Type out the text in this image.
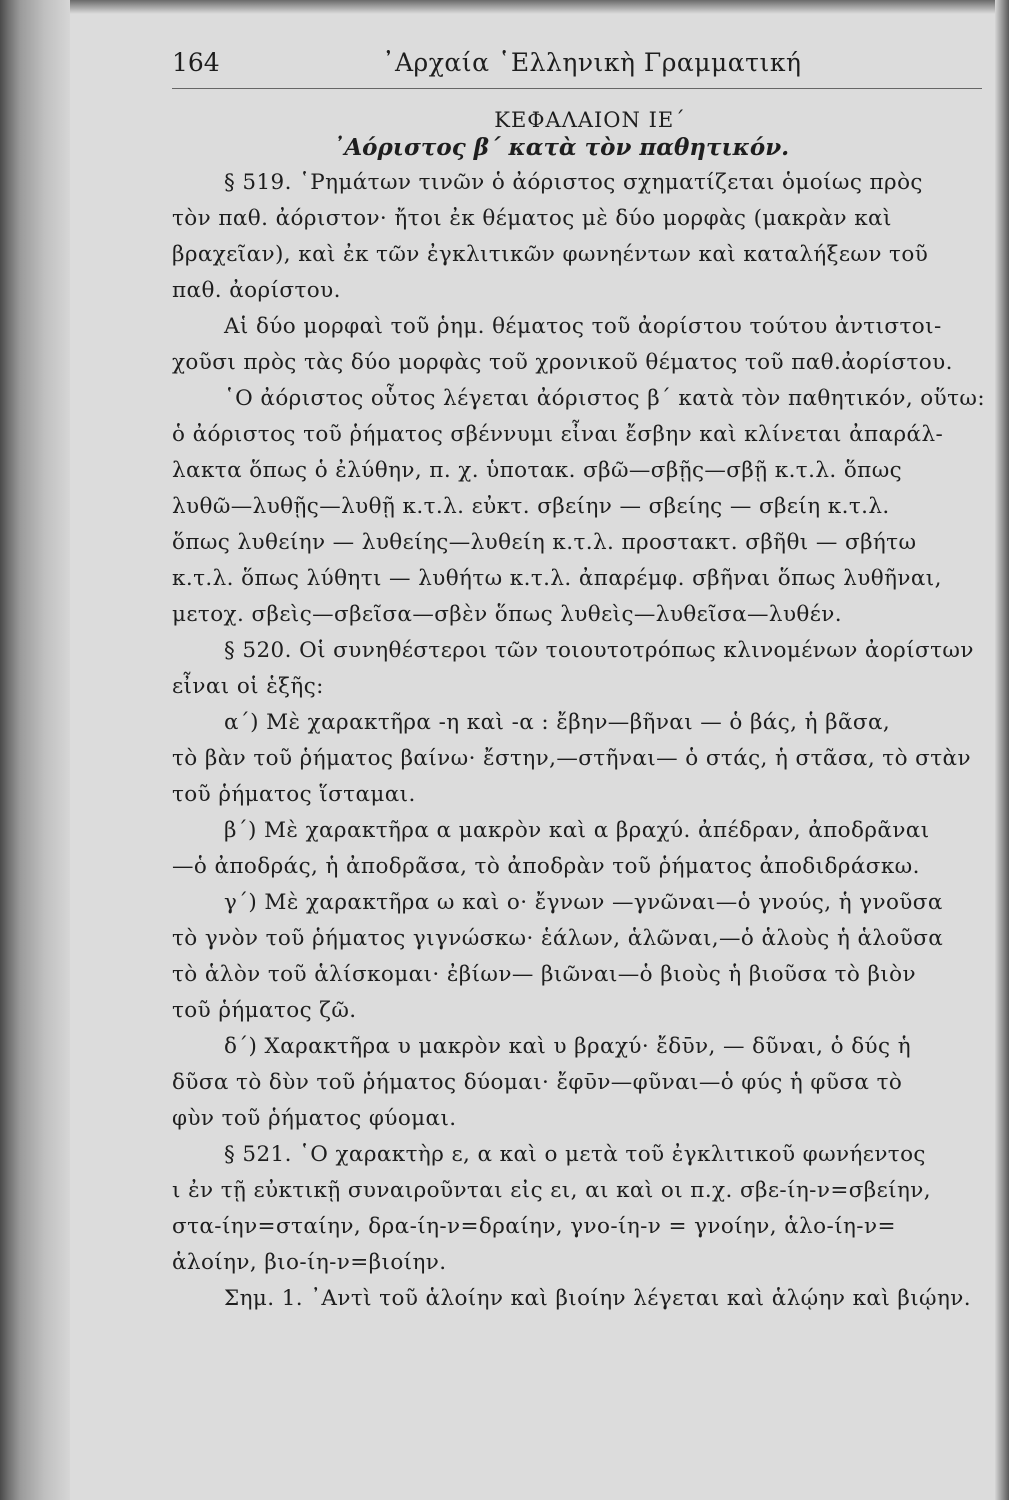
164	᾿Αρχαία ῾Ελληνικὴ Γραμματική
ΚΕΦΑΛΑΙΟΝ ΙΕ΄
᾿Αόριστος β΄ κατὰ τὸν παθητικόν.
§ 519. ῾Ρημάτων τινῶν ὁ ἀόριστος σχηματίζεται ὁμοίως πρὸς
τὸν παθ. ἀόριστον· ἤτοι ἐκ θέματος μὲ δύο μορφὰς (μακρὰν καὶ
βραχεῖαν), καὶ ἐκ τῶν ἐγκλιτικῶν φωνηέντων καὶ καταλήξεων τοῦ
παθ. ἀορίστου.
Αἱ δύο μορφαὶ τοῦ ῥημ. θέματος τοῦ ἀορίστου τούτου ἀντιστοι-
χοῦσι πρὸς τὰς δύο μορφὰς τοῦ χρονικοῦ θέματος τοῦ παθ.ἀορίστου.
῾Ο ἀόριστος οὗτος λέγεται ἀόριστος β΄ κατὰ τὸν παθητικόν, οὕτω:
ὁ ἀόριστος τοῦ ῥήματος σβέννυμι εἶναι ἔσβην καὶ κλίνεται ἀπαράλ-
λακτα ὅπως ὁ ἐλύθην, π. χ. ὑποτακ. σβῶ—σβῇς—σβῇ κ.τ.λ. ὅπως
λυθῶ—λυθῇς—λυθῇ κ.τ.λ. εὐκτ. σβείην — σβείης — σβείη κ.τ.λ.
ὅπως λυθείην — λυθείης—λυθείη κ.τ.λ. προστακτ. σβῆθι — σβήτω
κ.τ.λ. ὅπως λύθητι — λυθήτω κ.τ.λ. ἀπαρέμφ. σβῆναι ὅπως λυθῆναι,
μετοχ. σβεὶς—σβεῖσα—σβὲν ὅπως λυθεὶς—λυθεῖσα—λυθέν.
§ 520. Οἱ συνηθέστεροι τῶν τοιουτοτρόπως κλινομένων ἀορίστων
εἶναι οἱ ἑξῆς:
α΄) Μὲ χαρακτῆρα -η καὶ -α : ἔβην—βῆναι — ὁ βάς, ἡ βᾶσα,
τὸ βὰν τοῦ ῥήματος βαίνω· ἔστην,—στῆναι— ὁ στάς, ἡ στᾶσα, τὸ στὰν
τοῦ ῥήματος ἵσταμαι.
β΄) Μὲ χαρακτῆρα α μακρὸν καὶ α βραχύ. ἀπέδραν, ἀποδρᾶναι
—ὁ ἀποδράς, ἡ ἀποδρᾶσα, τὸ ἀποδρὰν τοῦ ῥήματος ἀποδιδράσκω.
γ΄) Μὲ χαρακτῆρα ω καὶ ο· ἔγνων —γνῶναι—ὁ γνούς, ἡ γνοῦσα
τὸ γνὸν τοῦ ῥήματος γιγνώσκω· ἑάλων, ἁλῶναι,—ὁ ἁλοὺς ἡ ἁλοῦσα
τὸ ἁλὸν τοῦ ἁλίσκομαι· ἐβίων— βιῶναι—ὁ βιοὺς ἡ βιοῦσα τὸ βιὸν
τοῦ ῥήματος ζῶ.
δ΄) Χαρακτῆρα υ μακρὸν καὶ υ βραχύ· ἔδῡν, — δῦναι, ὁ δύς ἡ
δῦσα τὸ δὺν τοῦ ῥήματος δύομαι· ἔφῡν—φῦναι—ὁ φύς ἡ φῦσα τὸ
φὺν τοῦ ῥήματος φύομαι.
§ 521. ῾Ο χαρακτὴρ ε, α καὶ ο μετὰ τοῦ ἐγκλιτικοῦ φωνήεντος
ι ἐν τῇ εὐκτικῇ συναιροῦνται εἰς ει, αι καὶ οι π.χ. σβε-ίη-ν=σβείην,
στα-ίην=σταίην, δρα-ίη-ν=δραίην, γνο-ίη-ν = γνοίην, ἁλο-ίη-ν=
ἁλοίην, βιο-ίη-ν=βιοίην.
Σημ. 1. ᾿Αντὶ τοῦ ἁλοίην καὶ βιοίην λέγεται καὶ ἁλῴην καὶ βιῴην.
